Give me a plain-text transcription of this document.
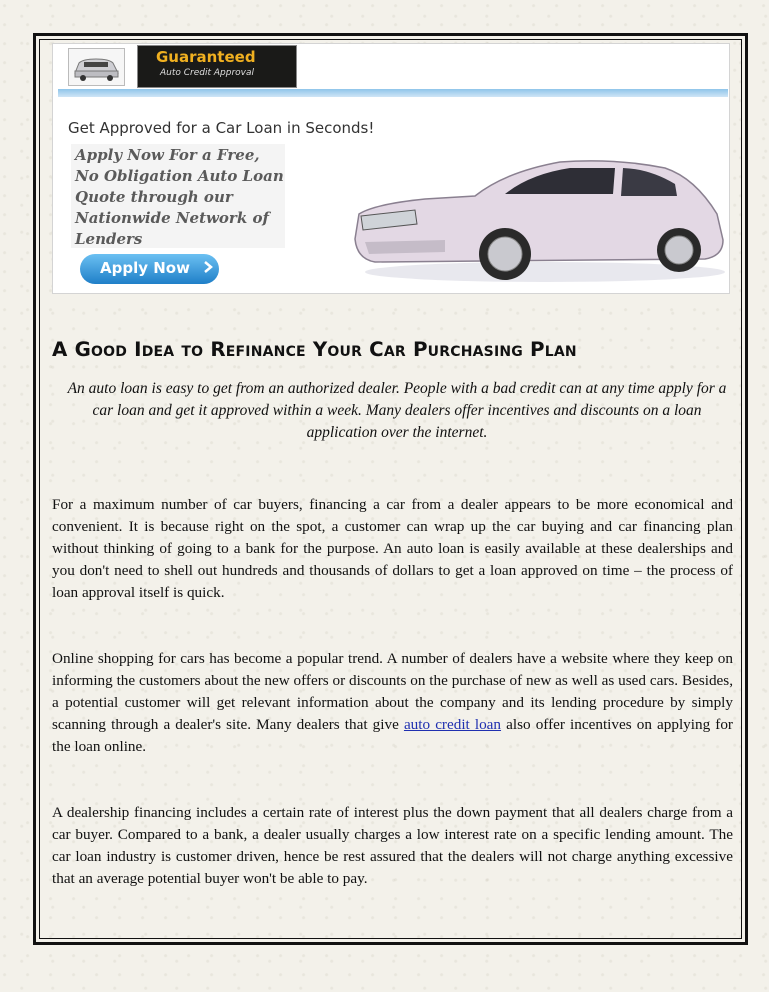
Guaranteed
Auto Credit Approval
Get Approved for a Car Loan in Seconds!
Apply Now For a Free,
No Obligation Auto Loan
Quote through our
Nationwide Network of
Lenders
Apply Now
A Good Idea to Refinance Your Car Purchasing Plan
An auto loan is easy to get from an authorized dealer. People with a bad credit can at any time apply for a car loan and get it approved within a week. Many dealers offer incentives and discounts on a loan application over the internet.

For a maximum number of car buyers, financing a car from a dealer appears to be more economical and convenient. It is because right on the spot, a customer can wrap up the car buying and car financing plan without thinking of going to a bank for the purpose. An auto loan is easily available at these dealerships and you don't need to shell out hundreds and thousands of dollars to get a loan approved on time – the process of loan approval itself is quick.

Online shopping for cars has become a popular trend. A number of dealers have a website where they keep on informing the customers about the new offers or discounts on the purchase of new as well as used cars. Besides, a potential customer will get relevant information about the company and its lending procedure by simply scanning through a dealer's site. Many dealers that give auto credit loan also offer incentives on applying for the loan online.

A dealership financing includes a certain rate of interest plus the down payment that all dealers charge from a car buyer. Compared to a bank, a dealer usually charges a low interest rate on a specific lending amount. The car loan industry is customer driven, hence be rest assured that the dealers will not charge anything excessive that an average potential buyer won't be able to pay.
